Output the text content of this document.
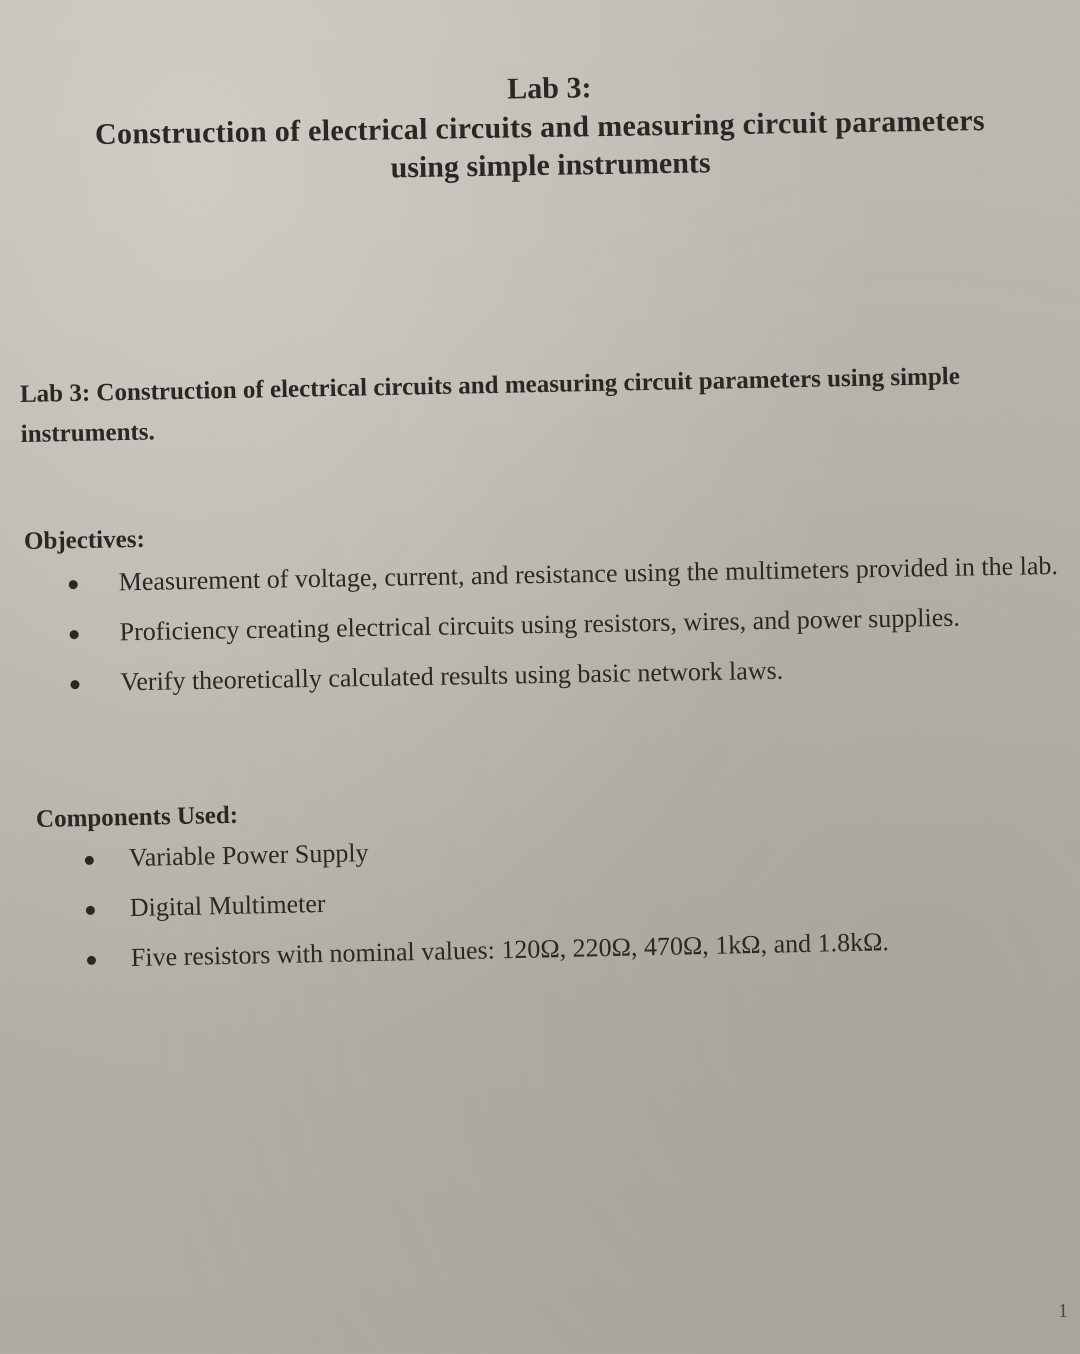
Lab 3:
Construction of electrical circuits and measuring circuit parameters
using simple instruments
Lab 3: Construction of electrical circuits and measuring circuit parameters using simple instruments.

Objectives:

Measurement of voltage, current, and resistance using the multimeters provided in the lab.
Proficiency creating electrical circuits using resistors, wires, and power supplies.
Verify theoretically calculated results using basic network laws.

Components Used:

Variable Power Supply
Digital Multimeter
Five resistors with nominal values: 120Ω, 220Ω, 470Ω, 1kΩ, and 1.8kΩ.
1
